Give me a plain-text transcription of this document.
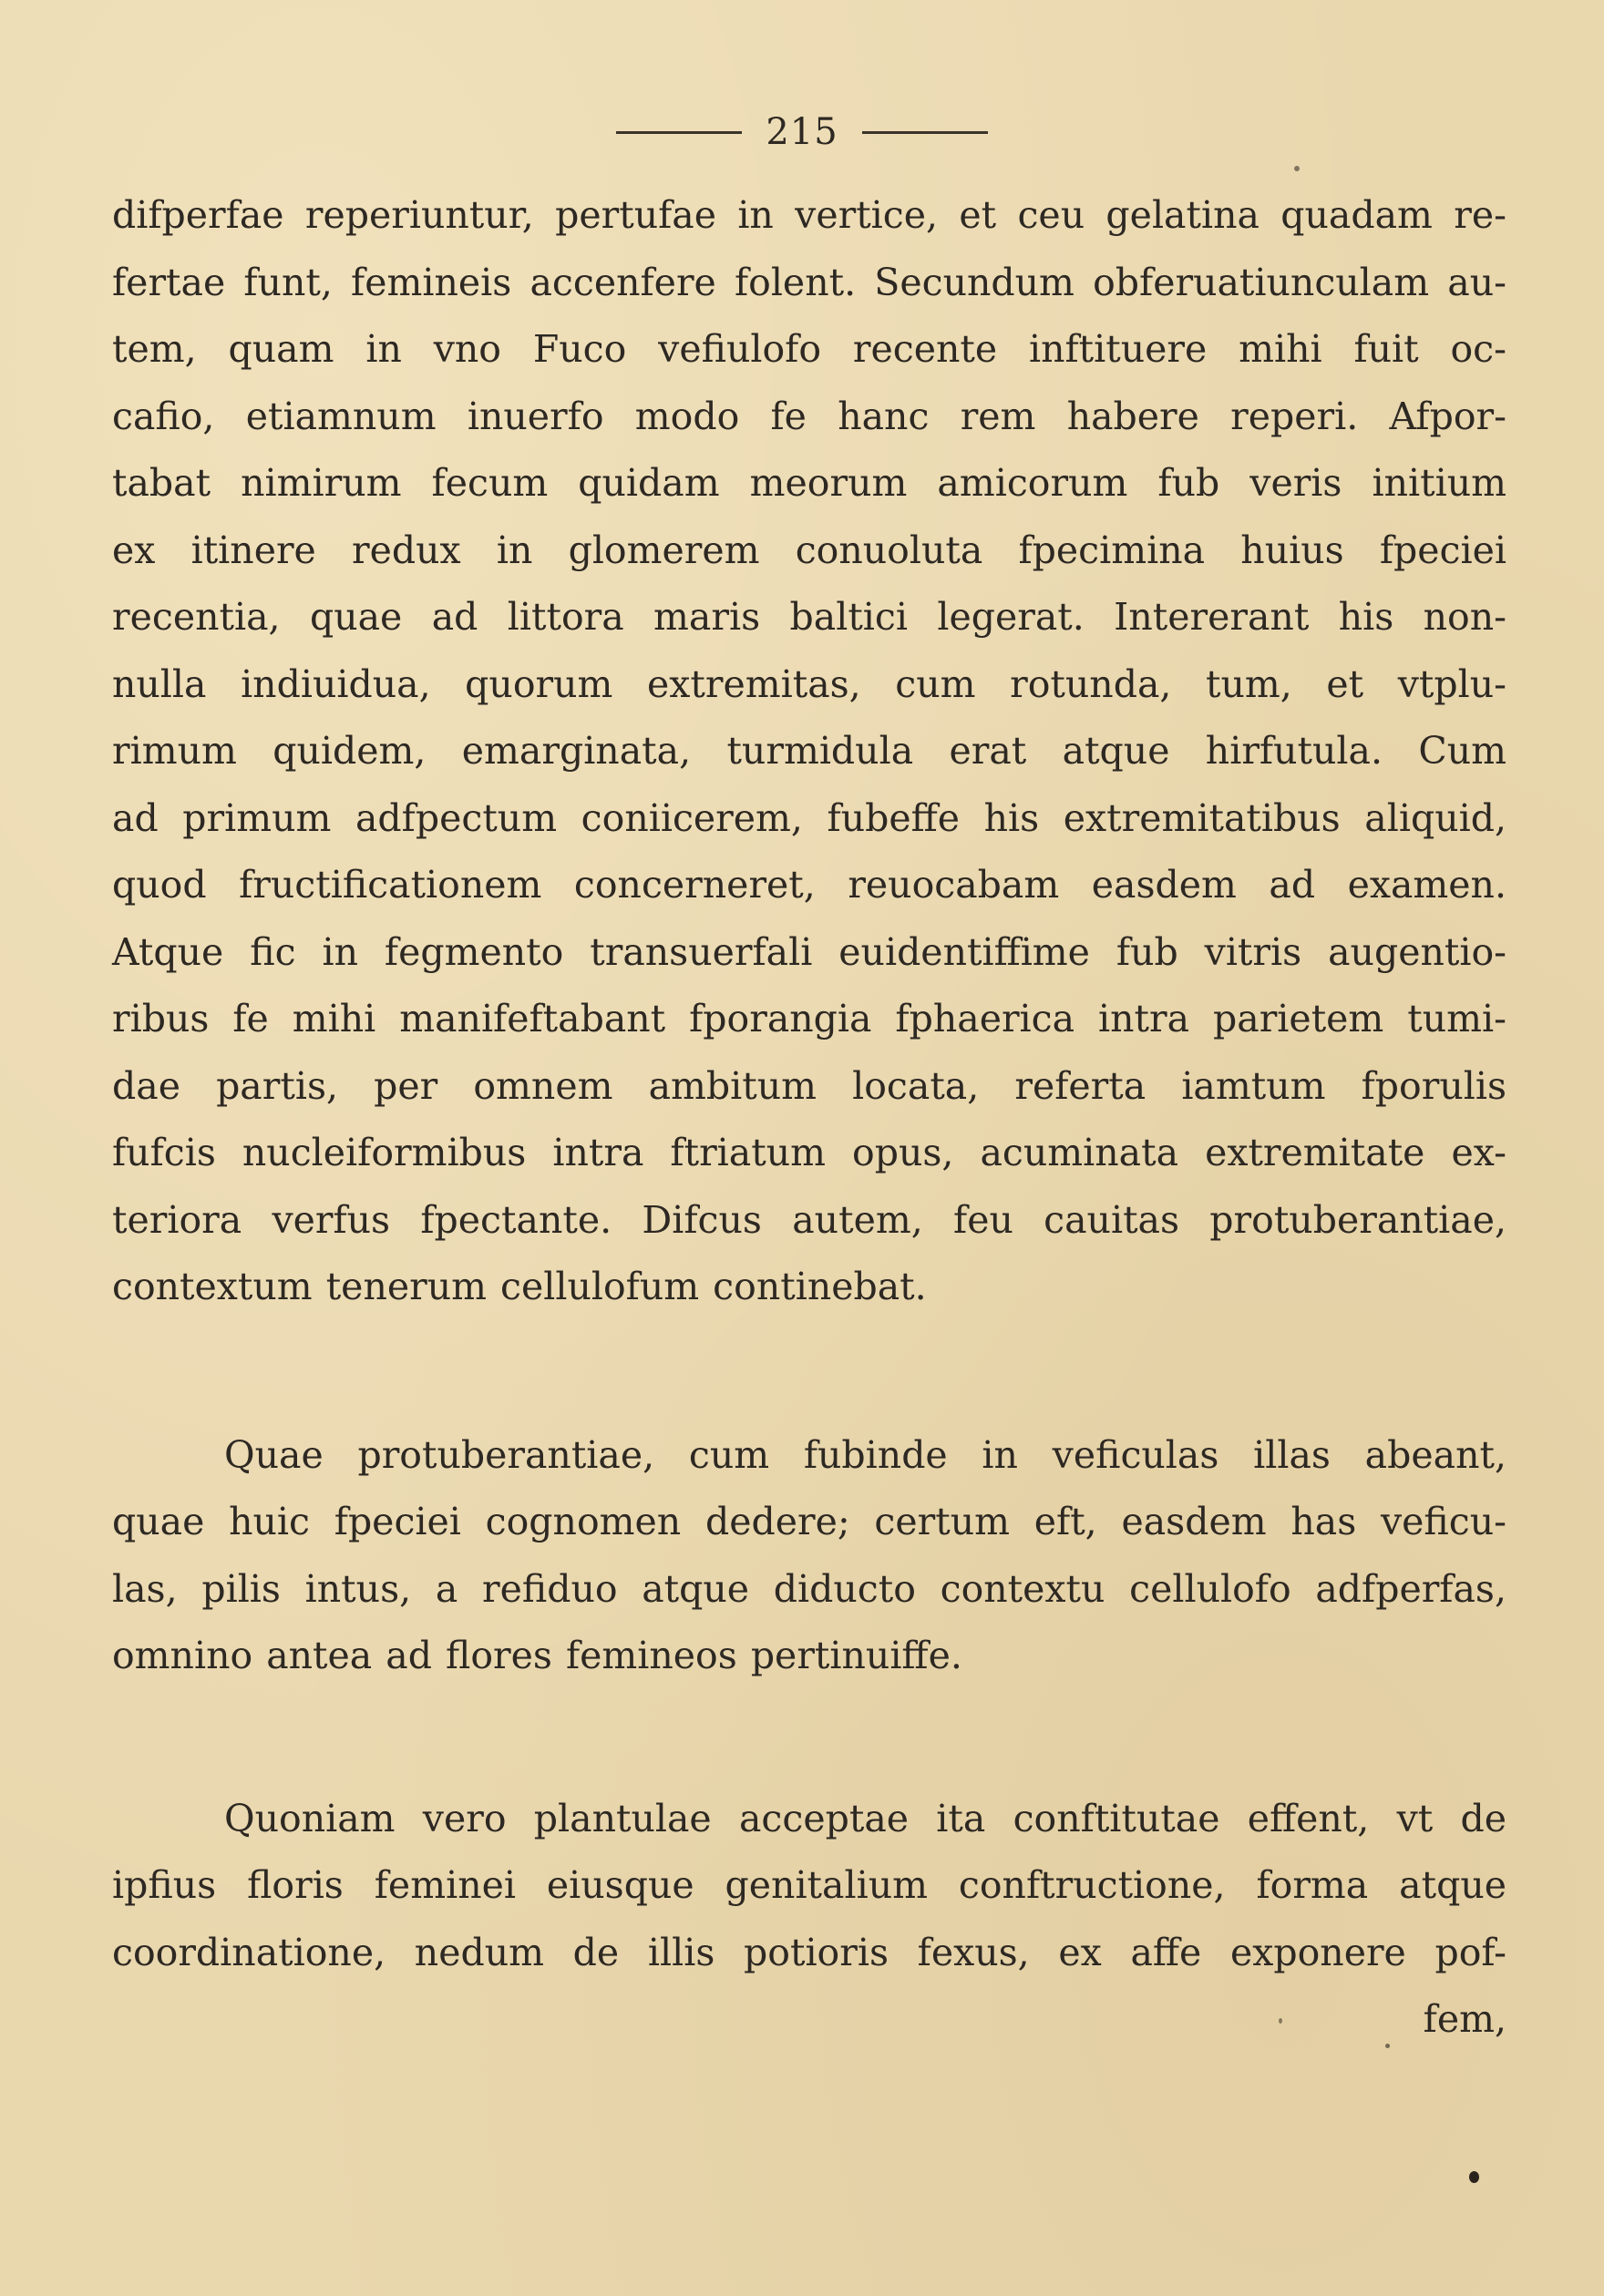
215
difperfae reperiuntur, pertufae in vertice, et ceu gelatina quadam re-
fertae funt, femineis accenfere folent. Secundum obferuatiunculam au-
tem, quam in vno Fuco vefiulofo recente inftituere mihi fuit oc-
cafio, etiamnum inuerfo modo fe hanc rem habere reperi. Afpor-
tabat nimirum fecum quidam meorum amicorum fub veris initium
ex itinere redux in glomerem conuoluta fpecimina huius fpeciei
recentia, quae ad littora maris baltici legerat. Intererant his non-
nulla indiuidua, quorum extremitas, cum rotunda, tum, et vtplu-
rimum quidem, emarginata, turmidula erat atque hirfutula. Cum
ad primum adfpectum coniicerem, fubeffe his extremitatibus aliquid,
quod fructificationem concerneret, reuocabam easdem ad examen.
Atque fic in fegmento transuerfali euidentiffime fub vitris augentio-
ribus fe mihi manifeftabant fporangia fphaerica intra parietem tumi-
dae partis, per omnem ambitum locata, referta iamtum fporulis
fufcis nucleiformibus intra ftriatum opus, acuminata extremitate ex-
teriora verfus fpectante. Difcus autem, feu cauitas protuberantiae,
contextum tenerum cellulofum continebat.
Quae protuberantiae, cum fubinde in veficulas illas abeant,
quae huic fpeciei cognomen dedere; certum eft, easdem has veficu-
las, pilis intus, a refiduo atque diducto contextu cellulofo adfperfas,
omnino antea ad flores femineos pertinuiffe.
Quoniam vero plantulae acceptae ita conftitutae effent, vt de
ipfius floris feminei eiusque genitalium conftructione, forma atque
coordinatione, nedum de illis potioris fexus, ex affe exponere pof-
fem,
